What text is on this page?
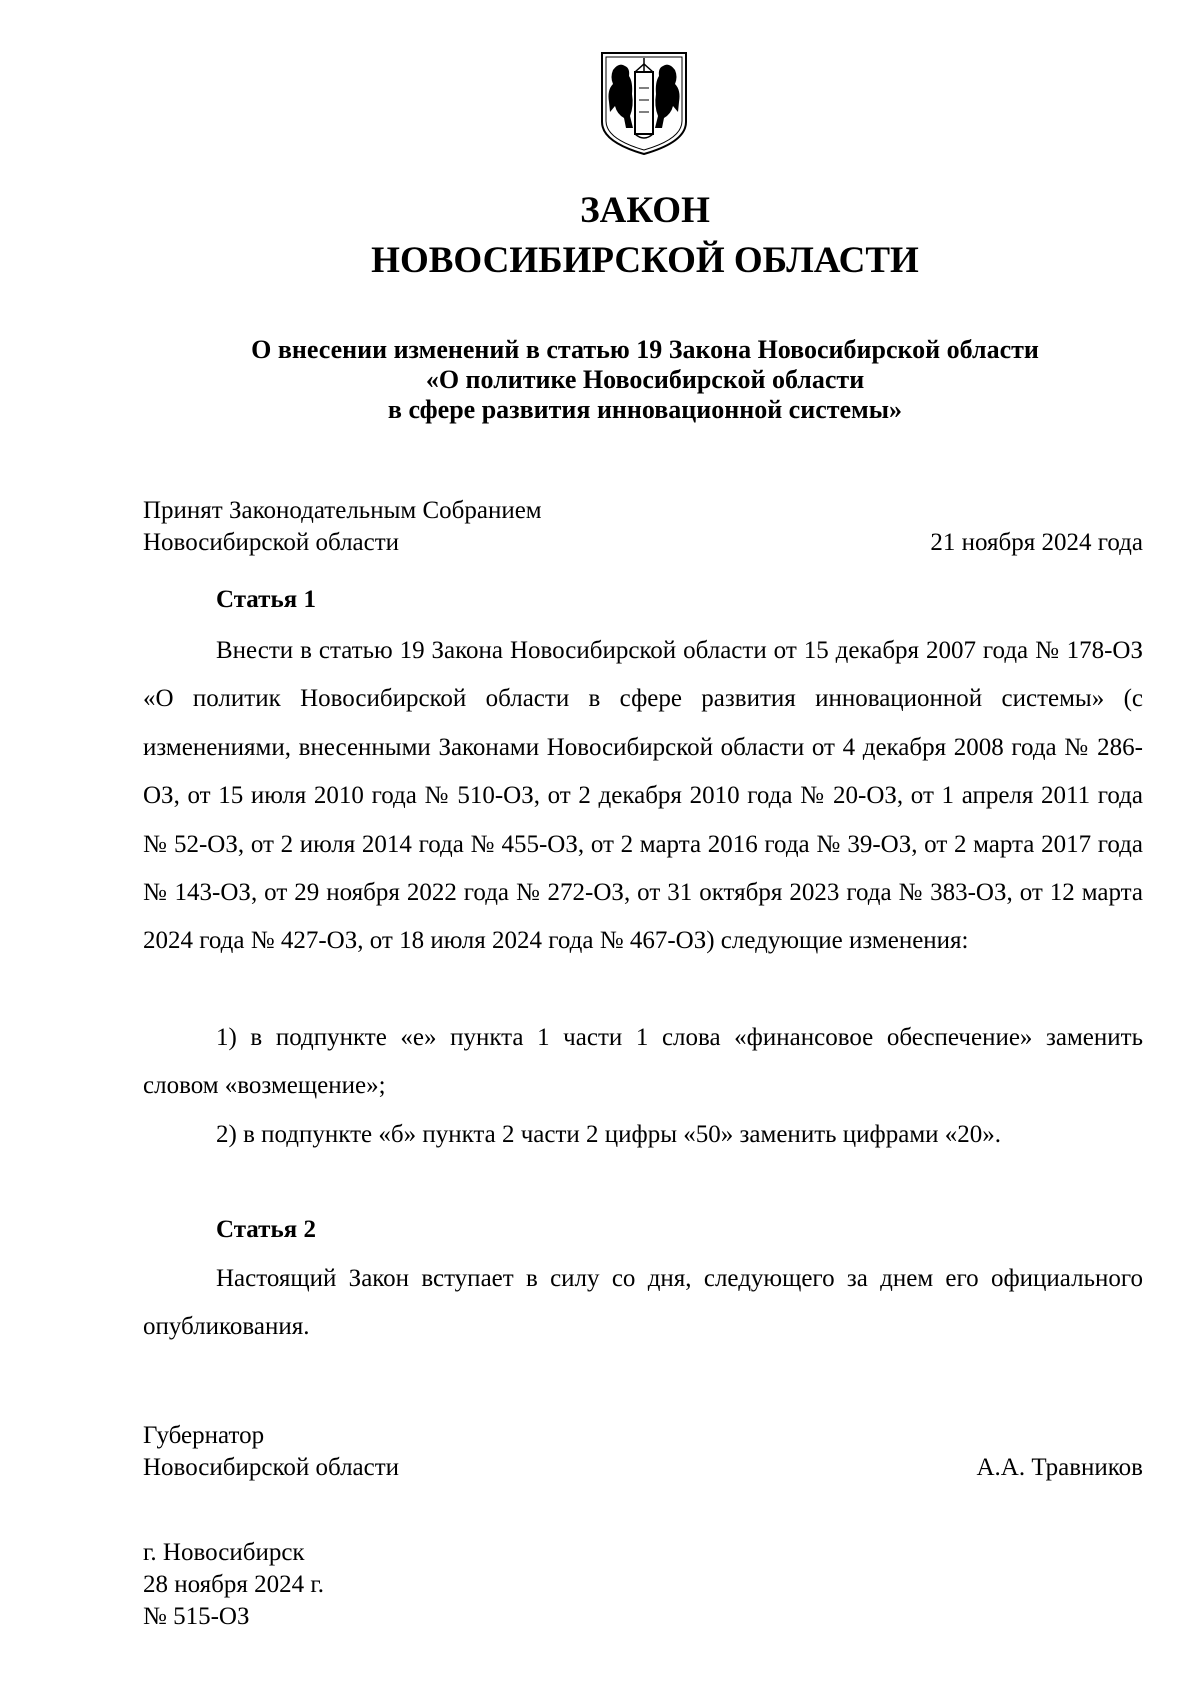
ЗАКОН
НОВОСИБИРСКОЙ ОБЛАСТИ
О внесении изменений в статью 19 Закона Новосибирской области
«О политике Новосибирской области
в сфере развития инновационной системы»
Принят Законодательным Собранием
Новосибирской области	21 ноября 2024 года
Статья 1
Внести в статью 19 Закона Новосибирской области от 15 декабря 2007 года № 178-ОЗ «О политик Новосибирской области в сфере развития инновационной системы» (с изменениями, внесенными Законами Новосибирской области от 4 декабря 2008 года № 286-ОЗ, от 15 июля 2010 года № 510-ОЗ, от 2 декабря 2010 года № 20-ОЗ, от 1 апреля 2011 года № 52-ОЗ, от 2 июля 2014 года № 455-ОЗ, от 2 марта 2016 года № 39-ОЗ, от 2 марта 2017 года № 143-ОЗ, от 29 ноября 2022 года № 272-ОЗ, от 31 октября 2023 года № 383-ОЗ, от 12 марта 2024 года № 427-ОЗ, от 18 июля 2024 года № 467-ОЗ) следующие изменения:
1) в подпункте «е» пункта 1 части 1 слова «финансовое обеспечение» заменить словом «возмещение»;
2) в подпункте «б» пункта 2 части 2 цифры «50» заменить цифрами «20».
Статья 2
Настоящий Закон вступает в силу со дня, следующего за днем его официального опубликования.
Губернатор
Новосибирской области	А.А. Травников
г. Новосибирск
28 ноября 2024 г.
№ 515-ОЗ
